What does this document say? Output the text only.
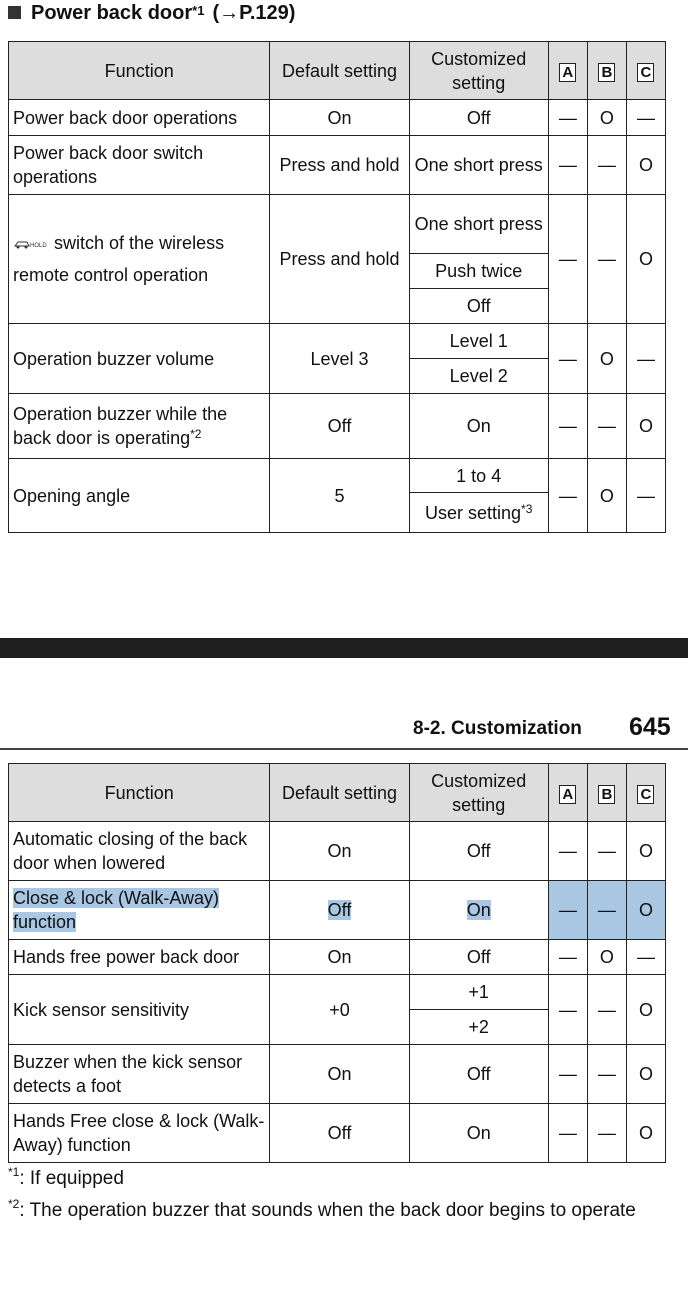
Power back door$^{*1}$ (→P.129)
Function	Default setting	Customized setting	A	B	C
Power back door operations	On	Off	—	O	—
Power back door switch operations	Press and hold	One short press	—	—	O

HOLD switch of the wireless remote control operation	Press and hold	One short press	—	—	O
		Push twice			
		Off			
Operation buzzer volume	Level 3	Level 1	—	O	—
		Level 2			
Operation buzzer while the back door is operating$^{*2}$	Off	On	—	—	O
Opening angle	5	1 to 4	—	O	—
		User setting$^{*3}$
8-2. Customization 645
Function	Default setting	Customized setting	A	B	C
Automatic closing of the back door when lowered	On	Off	—	—	O
Close & lock (Walk-Away)
function	Off	On	—	—	O
Hands free power back door	On	Off	—	O	—
Kick sensor sensitivity	+0	+1	—	—	O
		+2			
Buzzer when the kick sensor detects a foot	On	Off	—	—	O
Hands Free close & lock (Walk-Away) function	Off	On	—	—	O
$^{*1}$: If equipped
$^{*2}$: The operation buzzer that sounds when the back door begins to operate
